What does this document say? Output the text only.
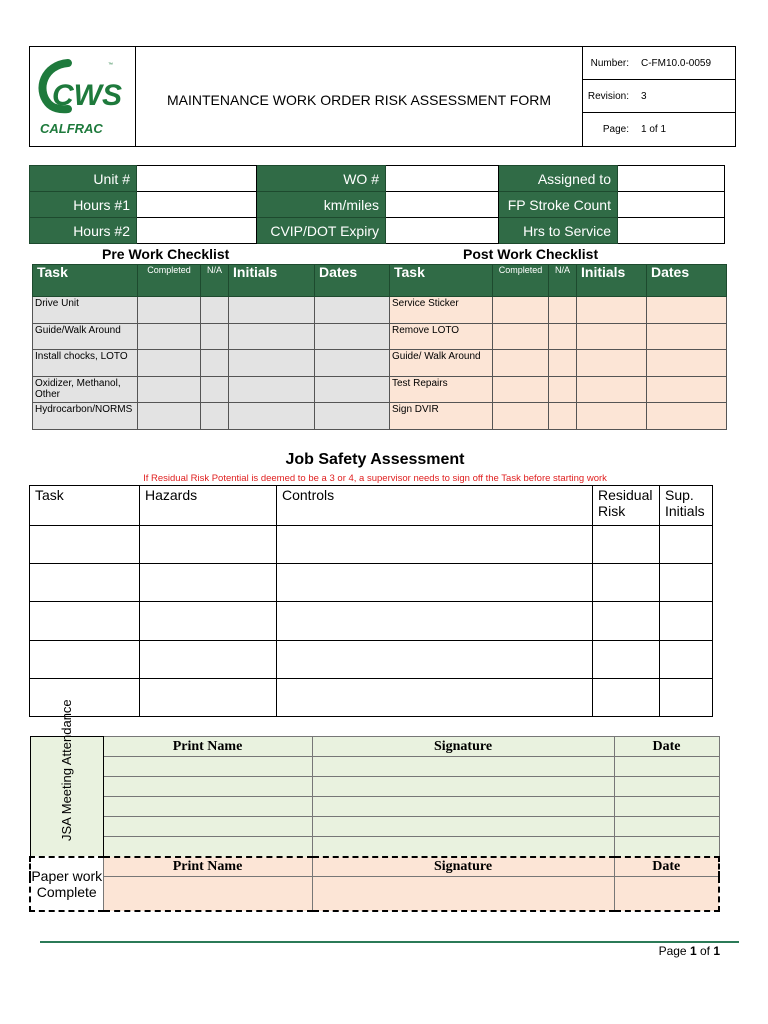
CWS
™
CALFRAC
MAINTENANCE WORK ORDER RISK ASSESSMENT FORM
Number:	C-FM10.0-0059
Revision:	3
Page:	1 of 1
Unit #		WO #		Assigned to	
Hours #1		km/miles		FP Stroke Count	
Hours #2		CVIP/DOT Expiry		Hrs to Service	
Pre Work Checklist	Post Work Checklist
Task	Completed	N/A	Initials	Dates
Drive Unit				
Guide/Walk Around				
Install chocks, LOTO				
Oxidizer, Methanol, Other				
Hydrocarbon/NORMS				
Task	Completed	N/A	Initials	Dates
Service Sticker				
Remove LOTO				
Guide/ Walk Around				
Test Repairs				
Sign DVIR				
Job Safety Assessment
If Residual Risk Potential is deemed to be a 3 or 4, a supervisor needs to sign off the Task before starting work
Task	Hazards	Controls	Residual Risk	Sup. Initials

JSA Meeting Attendance	Print Name	Signature	Date

Paper work Complete	Print Name	Signature	Date

Page 1 of 1
